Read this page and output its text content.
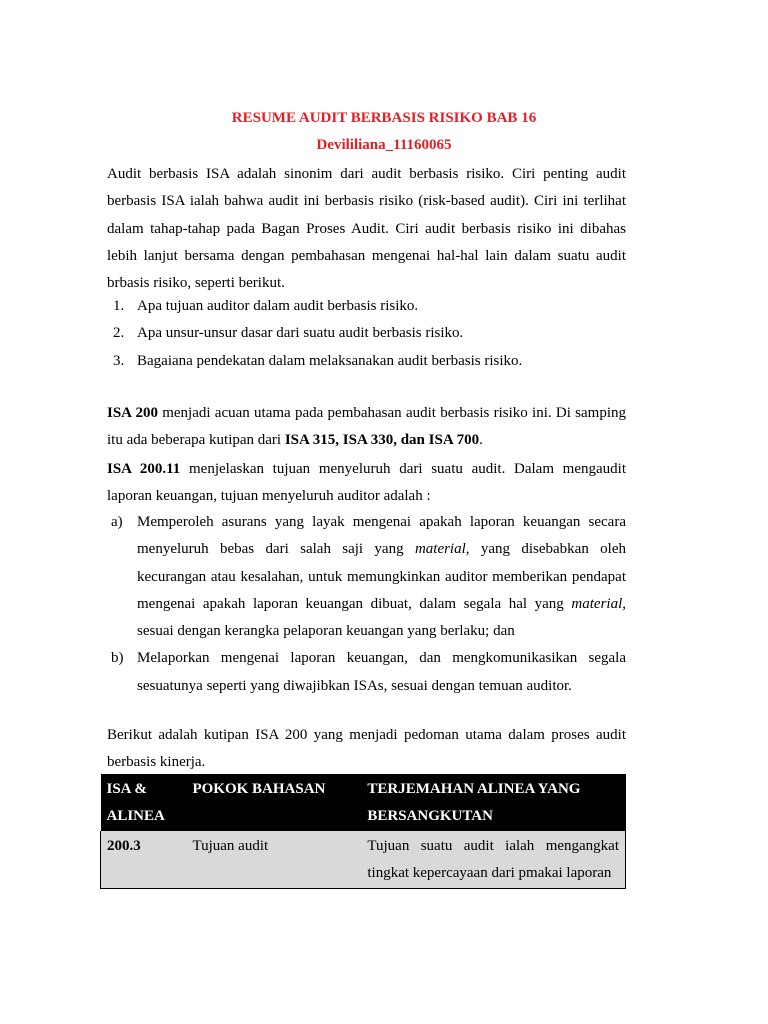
RESUME AUDIT BERBASIS RISIKO BAB 16
Devililiana_11160065

Audit berbasis ISA adalah sinonim dari audit berbasis risiko. Ciri penting audit berbasis ISA ialah bahwa audit ini berbasis risiko (risk-based audit). Ciri ini terlihat dalam tahap-tahap pada Bagan Proses Audit. Ciri audit berbasis risiko ini dibahas lebih lanjut bersama dengan pembahasan mengenai hal-hal lain dalam suatu audit brbasis risiko, seperti berikut.

1. Apa tujuan auditor dalam audit berbasis risiko.
2. Apa unsur-unsur dasar dari suatu audit berbasis risiko.
3. Bagaiana pendekatan dalam melaksanakan audit berbasis risiko.

ISA 200 menjadi acuan utama pada pembahasan audit berbasis risiko ini. Di samping itu ada beberapa kutipan dari ISA 315, ISA 330, dan ISA 700.

ISA 200.11 menjelaskan tujuan menyeluruh dari suatu audit. Dalam mengaudit laporan keuangan, tujuan menyeluruh auditor adalah :

a) Memperoleh asurans yang layak mengenai apakah laporan keuangan secara menyeluruh bebas dari salah saji yang material, yang disebabkan oleh kecurangan atau kesalahan, untuk memungkinkan auditor memberikan pendapat mengenai apakah laporan keuangan dibuat, dalam segala hal yang material, sesuai dengan kerangka pelaporan keuangan yang berlaku; dan
b) Melaporkan mengenai laporan keuangan, dan mengkomunikasikan segala sesuatunya seperti yang diwajibkan ISAs, sesuai dengan temuan auditor.

Berikut adalah kutipan ISA 200 yang menjadi pedoman utama dalam proses audit berbasis kinerja.

ISA & ALINEA	POKOK BAHASAN	TERJEMAHAN ALINEA YANG BERSANGKUTAN
200.3	Tujuan audit	Tujuan suatu audit ialah mengangkat tingkat kepercayaan dari pmakai laporan
